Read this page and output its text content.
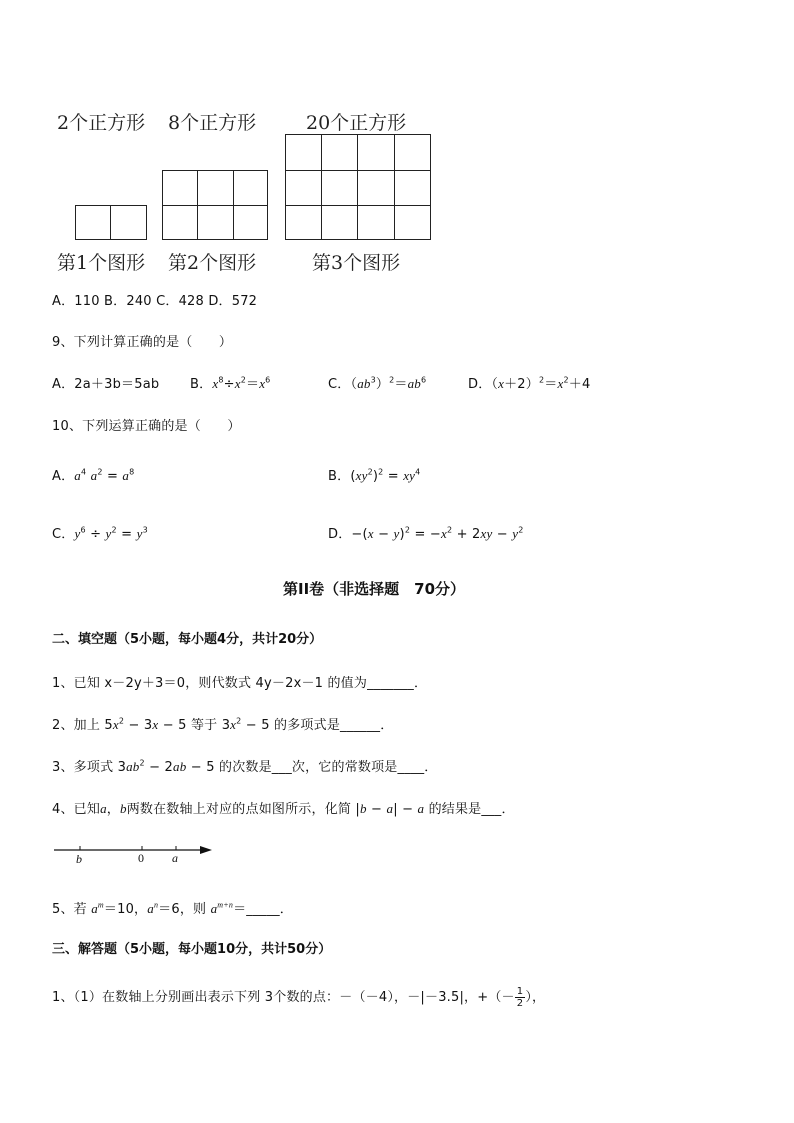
2个正方形 8个正方形	20个正方形
第1个图形 第2个图形	第3个图形
A．110 B．240 C．428 D．572
9、下列计算正确的是（　　）
A．2a＋3b＝5ab B．$x^8\div x^2=x^6$	C．$(ab^3)^2=ab^6$	D．$(x+2)^2=x^2+4$
10、下列运算正确的是（　　）
A．$a^4$ $a^2 = a^8$	B．$(xy^2)^2 = xy^4$
C．$y^6 \div y^2 = y^3$	D．$-(x - y)^2 = -x^2 + 2xy - y^2$
第II卷（非选择题　70分）
二、填空题（5小题，每小题4分，共计20分）
1、已知 x－2y＋3＝0，则代数式 4y－2x－1 的值为_______．
2、加上 $5x^2 - 3x - 5$ 等于 $3x^2 - 5$ 的多项式是______．
3、多项式 $3ab^2 - 2ab - 5$ 的次数是___次，它的常数项是____．
4、已知a，b两数在数轴上对应的点如图所示，化简 |b − a| − a 的结果是___．
b	0 a
5、若 $a^m=10$，$a^n=6$，则 $a^{m+n}=\_\_\_\_\_$．
三、解答题（5小题，每小题10分，共计50分）
1、（1）在数轴上分别画出表示下列 3个数的点：－（－4），－|－3.5|，+（－ $\frac{1}{2}$ ），
